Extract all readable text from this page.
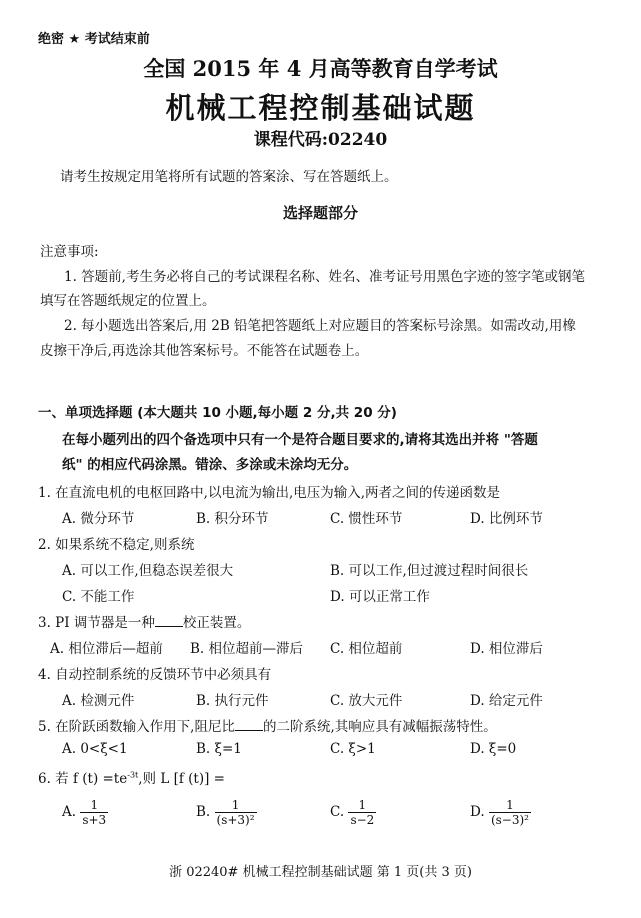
绝密 ★ 考试结束前
全国 2015 年 4 月高等教育自学考试
机械工程控制基础试题
课程代码:02240
请考生按规定用笔将所有试题的答案涂、写在答题纸上。
选择题部分
注意事项:
1. 答题前,考生务必将自己的考试课程名称、姓名、准考证号用黑色字迹的签字笔或钢笔
填写在答题纸规定的位置上。
2. 每小题选出答案后,用 2B 铅笔把答题纸上对应题目的答案标号涂黑。如需改动,用橡
皮擦干净后,再选涂其他答案标号。不能答在试题卷上。
一、单项选择题 (本大题共 10 小题,每小题 2 分,共 20 分)
在每小题列出的四个备选项中只有一个是符合题目要求的,请将其选出并将 "答题
纸" 的相应代码涂黑。错涂、多涂或未涂均无分。
1. 在直流电机的电枢回路中,以电流为输出,电压为输入,两者之间的传递函数是
A. 微分环节	B. 积分环节	C. 惯性环节	D. 比例环节
2. 如果系统不稳定,则系统
A. 可以工作,但稳态误差很大	B. 可以工作,但过渡过程时间很长
C. 不能工作	D. 可以正常工作
3. PI 调节器是一种 校正装置。
A. 相位滞后—超前 B. 相位超前—滞后 C. 相位超前	D. 相位滞后
4. 自动控制系统的反馈环节中必须具有
A. 检测元件	B. 执行元件	C. 放大元件	D. 给定元件
5. 在阶跃函数输入作用下,阻尼比 的二阶系统,其响应具有减幅振荡特性。
A. 0<ξ<1	B. ξ=1	C. ξ>1	D. ξ=0
6. 若 f $(t) =te^{-3t}$,则 L [f (t)] =
A. $\frac{1}{s+3}$	B. $\frac{1}{\text{(s+3)²}}$	C. $\frac{1}{s-2}$	D. $\frac{1}{\text{(s−3)²}}$
浙 02240# 机械工程控制基础试题 第 1 页(共 3 页)
